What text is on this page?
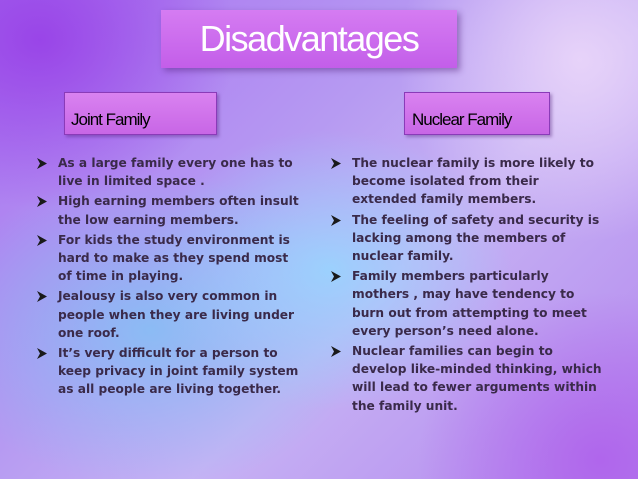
Disadvantages
Joint Family	Nuclear Family
As a large family every one has to live in limited space .
High earning members often insult the low earning members.
For kids the study environment is hard to make as they spend most of time in playing.
Jealousy is also very common in people when they are living under one roof.
It’s very difficult for a person to keep privacy in joint family system as all people are living together.
The nuclear family is more likely to become isolated from their extended family members.
The feeling of safety and security is lacking among the members of nuclear family.
Family members particularly mothers , may have tendency to burn out from attempting to meet every person’s need alone.
Nuclear families can begin to develop like-minded thinking, which will lead to fewer arguments within the family unit.
